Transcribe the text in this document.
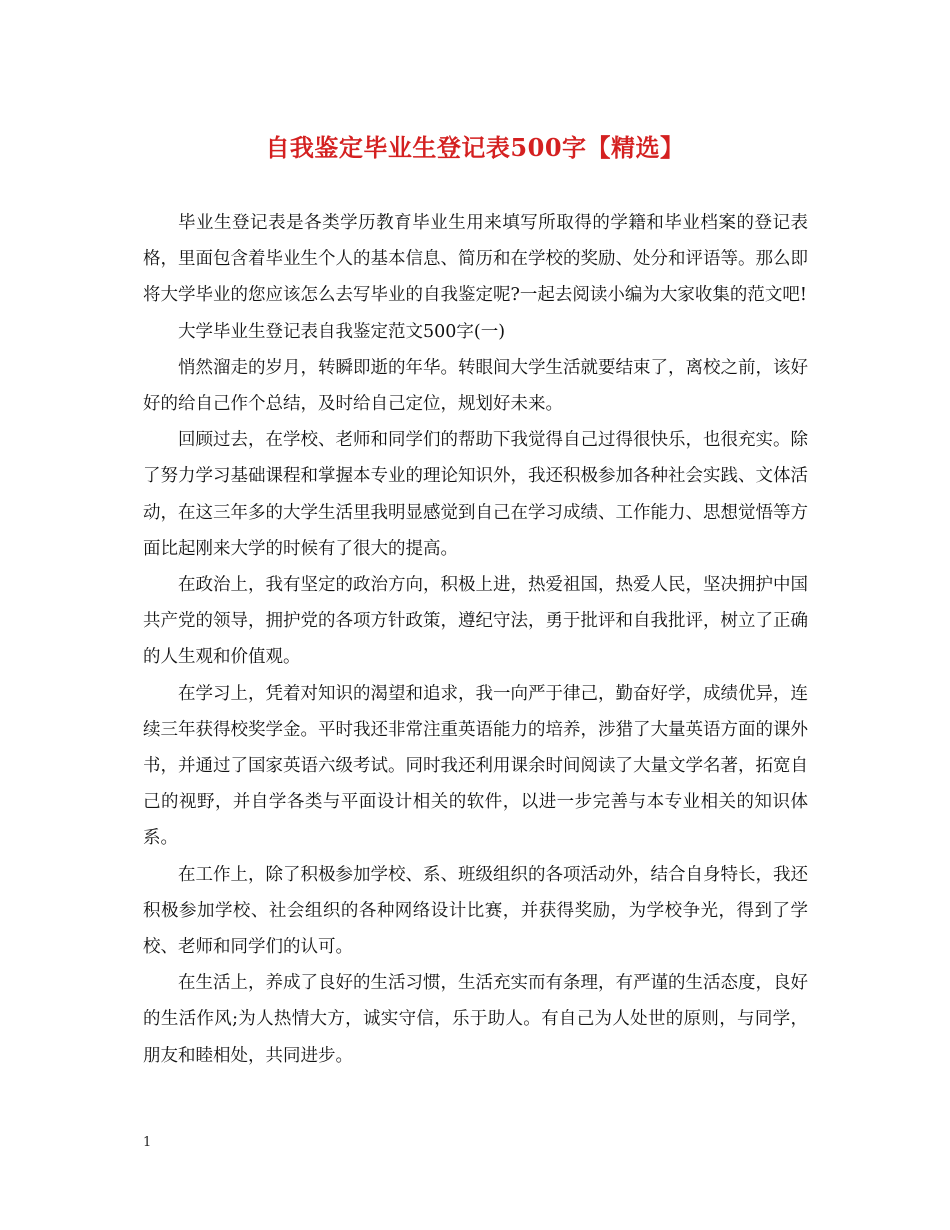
自我鉴定毕业生登记表500字【精选】

毕业生登记表是各类学历教育毕业生用来填写所取得的学籍和毕业档案的登记表格，里面包含着毕业生个人的基本信息、简历和在学校的奖励、处分和评语等。那么即将大学毕业的您应该怎么去写毕业的自我鉴定呢?一起去阅读小编为大家收集的范文吧!

大学毕业生登记表自我鉴定范文500字(一)

悄然溜走的岁月，转瞬即逝的年华。转眼间大学生活就要结束了，离校之前，该好好的给自己作个总结，及时给自己定位，规划好未来。

回顾过去，在学校、老师和同学们的帮助下我觉得自己过得很快乐，也很充实。除了努力学习基础课程和掌握本专业的理论知识外，我还积极参加各种社会实践、文体活动，在这三年多的大学生活里我明显感觉到自己在学习成绩、工作能力、思想觉悟等方面比起刚来大学的时候有了很大的提高。

在政治上，我有坚定的政治方向，积极上进，热爱祖国，热爱人民，坚决拥护中国共产党的领导，拥护党的各项方针政策，遵纪守法，勇于批评和自我批评，树立了正确的人生观和价值观。

在学习上，凭着对知识的渴望和追求，我一向严于律己，勤奋好学，成绩优异，连续三年获得校奖学金。平时我还非常注重英语能力的培养，涉猎了大量英语方面的课外书，并通过了国家英语六级考试。同时我还利用课余时间阅读了大量文学名著，拓宽自己的视野，并自学各类与平面设计相关的软件，以进一步完善与本专业相关的知识体系。

在工作上，除了积极参加学校、系、班级组织的各项活动外，结合自身特长，我还积极参加学校、社会组织的各种网络设计比赛，并获得奖励，为学校争光，得到了学校、老师和同学们的认可。

在生活上，养成了良好的生活习惯，生活充实而有条理，有严谨的生活态度，良好的生活作风;为人热情大方，诚实守信，乐于助人。有自己为人处世的原则，与同学，朋友和睦相处，共同进步。

1
